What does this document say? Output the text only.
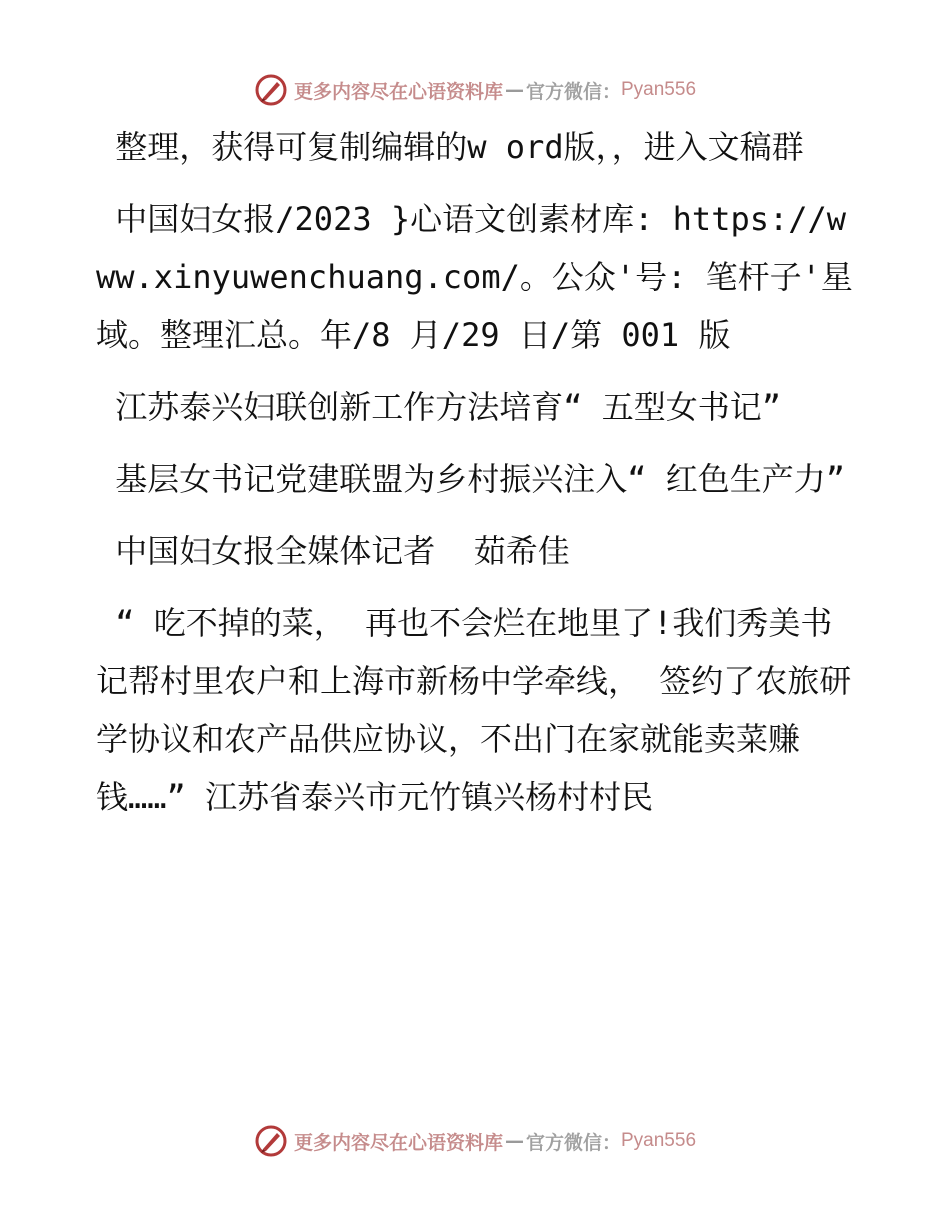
更多内容尽在心语资料库 — 官方微信： Pyan556

整理，获得可复制编辑的w ord版，，进入文稿群

中国妇女报/2023 }心语文创素材库: https://www.xinyuwenchuang.com/。公众'号: 笔杆子'星域。整理汇总。年/8 月/29 日/第 001 版

江苏泰兴妇联创新工作方法培育“ 五型女书记”

基层女书记党建联盟为乡村振兴注入“ 红色生产力”

中国妇女报全媒体记者  茹希佳

“ 吃不掉的菜， 再也不会烂在地里了!我们秀美书记帮村里农户和上海市新杨中学牵线， 签约了农旅研学协议和农产品供应协议，不出门在家就能卖菜赚钱……” 江苏省泰兴市元竹镇兴杨村村民

更多内容尽在心语资料库 — 官方微信： Pyan556
